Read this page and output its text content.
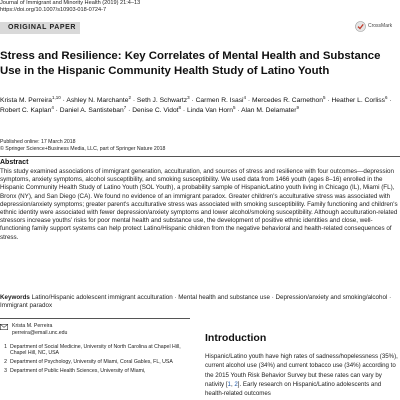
Journal of Immigrant and Minority Health (2019) 21:4–13
https://doi.org/10.1007/s10903-018-0724-7
CrossMark
ORIGINAL PAPER
Stress and Resilience: Key Correlates of Mental Health and Substance Use in the Hispanic Community Health Study of Latino Youth

Krista M. Perreira$^{1,10}$ · Ashley N. Marchante$^2$ · Seth J. Schwartz$^3$ · Carmen R. Isasi$^4$ · Mercedes R. Carnethon$^5$ · Heather L. Corliss$^6$ · Robert C. Kaplan$^4$ · Daniel A. Santisteban$^7$ · Denise C. Vidot$^8$ · Linda Van Horn$^5$ · Alan M. Delamater$^9$

Published online: 17 March 2018
© Springer Science+Business Media, LLC, part of Springer Nature 2018
Abstract

This study examined associations of immigrant generation, acculturation, and sources of stress and resilience with four outcomes—depression symptoms, anxiety symptoms, alcohol susceptibility, and smoking susceptibility. We used data from 1466 youth (ages 8–16) enrolled in the Hispanic Community Health Study of Latino Youth (SOL Youth), a probability sample of Hispanic/Latino youth living in Chicago (IL), Miami (FL), Bronx (NY), and San Diego (CA). We found no evidence of an immigrant paradox. Greater children's acculturative stress was associated with depression/anxiety symptoms; greater parent's acculturative stress was associated with smoking susceptibility. Family functioning and children's ethnic identity were associated with fewer depression/anxiety symptoms and lower alcohol/smoking susceptibility. Although acculturation-related stressors increase youths' risks for poor mental health and substance use, the development of positive ethnic identities and close, well-functioning family support systems can help protect Latino/Hispanic children from the negative behavioral and health-related consequences of stress.

Keywords Latino/Hispanic adolescent immigrant acculturation · Mental health and substance use · Depression/anxiety and smoking/alcohol · Immigrant paradox

Krista M. Perreira
perreira@email.unc.edu
1 Department of Social Medicine, University of North Carolina at Chapel Hill, Chapel Hill, NC, USA
2 Department of Psychology, University of Miami, Coral Gables, FL, USA
3 Department of Public Health Sciences, University of Miami,
Introduction

Hispanic/Latino youth have high rates of sadness/hopelessness (35%), current alcohol use (34%) and current tobacco use (34%) according to the 2015 Youth Risk Behavior Survey but these rates can vary by nativity [1, 2]. Early research on Hispanic/Latino adolescents and health-related outcomes
